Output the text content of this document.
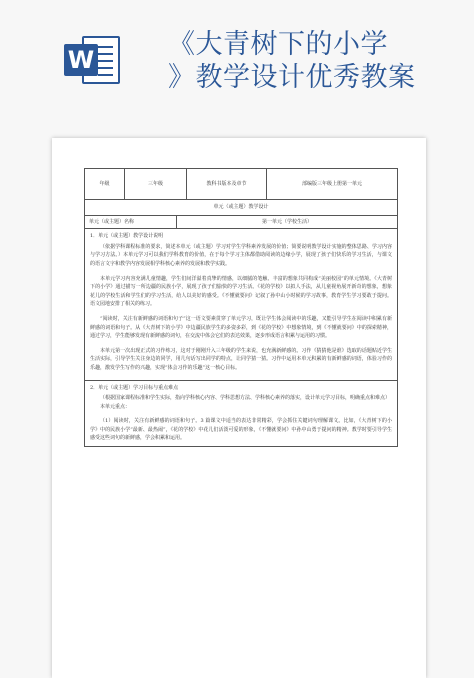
W	《大青树下的小学
》教学设计优秀教案
年级	三年级	教科书版本及章节	部编版三年级上册第一单元
单元（或主题）教学设计
单元（或主题）名称	第一单元（学校生活）

1．单元（或主题）教学设计说明

（依据学科课程标准的要求，简述本单元（或主题）学习对学生学科素养发展的价值；简要说明教学设计实施的整体思路、学习内容与学习方法。）本单元学习可以我们学科教育的价值，在于每个学习主体都借助阅读的边缘小学，展现了孩子们快乐的学习生活，与课文的语言文字和教学内容发展相学科核心素养的发展和教学实践。

本单元学习内容充满儿童情趣，学生们间洋溢着真挚的情感，以细腻的笔触、丰富的想象共同构成“美丽校园”的单元情境。《大青树下的小学》通过描写一所边疆的民族小学，展现了孩子们愉快的学习生活。《花的学校》以拟人手法，从儿童视角展开新奇的想象，想象花儿的学校生活和学生们的学习生活，给人以美好的感受。《不懂就要问》记叙了孙中山小时候的学习故事，教育学生学习要敢于提问。语文园地安排了相关的练习。

“阅读时，关注有新鲜感的词语和句子”这一语文要素贯穿了单元学习，既让学生体会阅读中的乐趣，又能引导学生在阅读中积累有新鲜感的词语和句子。从《大青树下的小学》中边疆民族学生的多姿多彩，到《花的学校》中想象情境，到《不懂就要问》中的探索精神，通过学习，学生能够发现有新鲜感的词句，在交流中体会它们的表达效果，逐步形成语言积累与运用的习惯。

本单元第一次出现正式的习作练习，这对于刚刚升入三年级的学生来说，也充满新鲜感的。习作《猜猜他是谁》选取的话题贴近学生生活实际，引导学生关注身边的同学，用几句话写出同学的特点，让同学猜一猜。习作中运用本单元积累的有新鲜感的词语，体验习作的乐趣，激发学生写作的兴趣，实现“体会习作的乐趣”这一核心目标。

2．单元（或主题）学习目标与重点难点

（根据国家课程标准和学生实际，指向学科核心内容、学科思想方法、学科核心素养的落实，设计单元学习目标，明确重点和难点）

本单元重点：

（1）阅读时，关注有新鲜感的词语和句子。3 篇课文中适当的表达非常精彩，学会抓住关键词句理解课文。比如，《大青树下的小学》中的民族小学“最新、最热闹”，《花的学校》中花儿们活泼可爱的形象，《不懂就要问》中孙中山勇于提问的精神。教学时要引导学生感受这些词句的新鲜感，学会积累和运用。
